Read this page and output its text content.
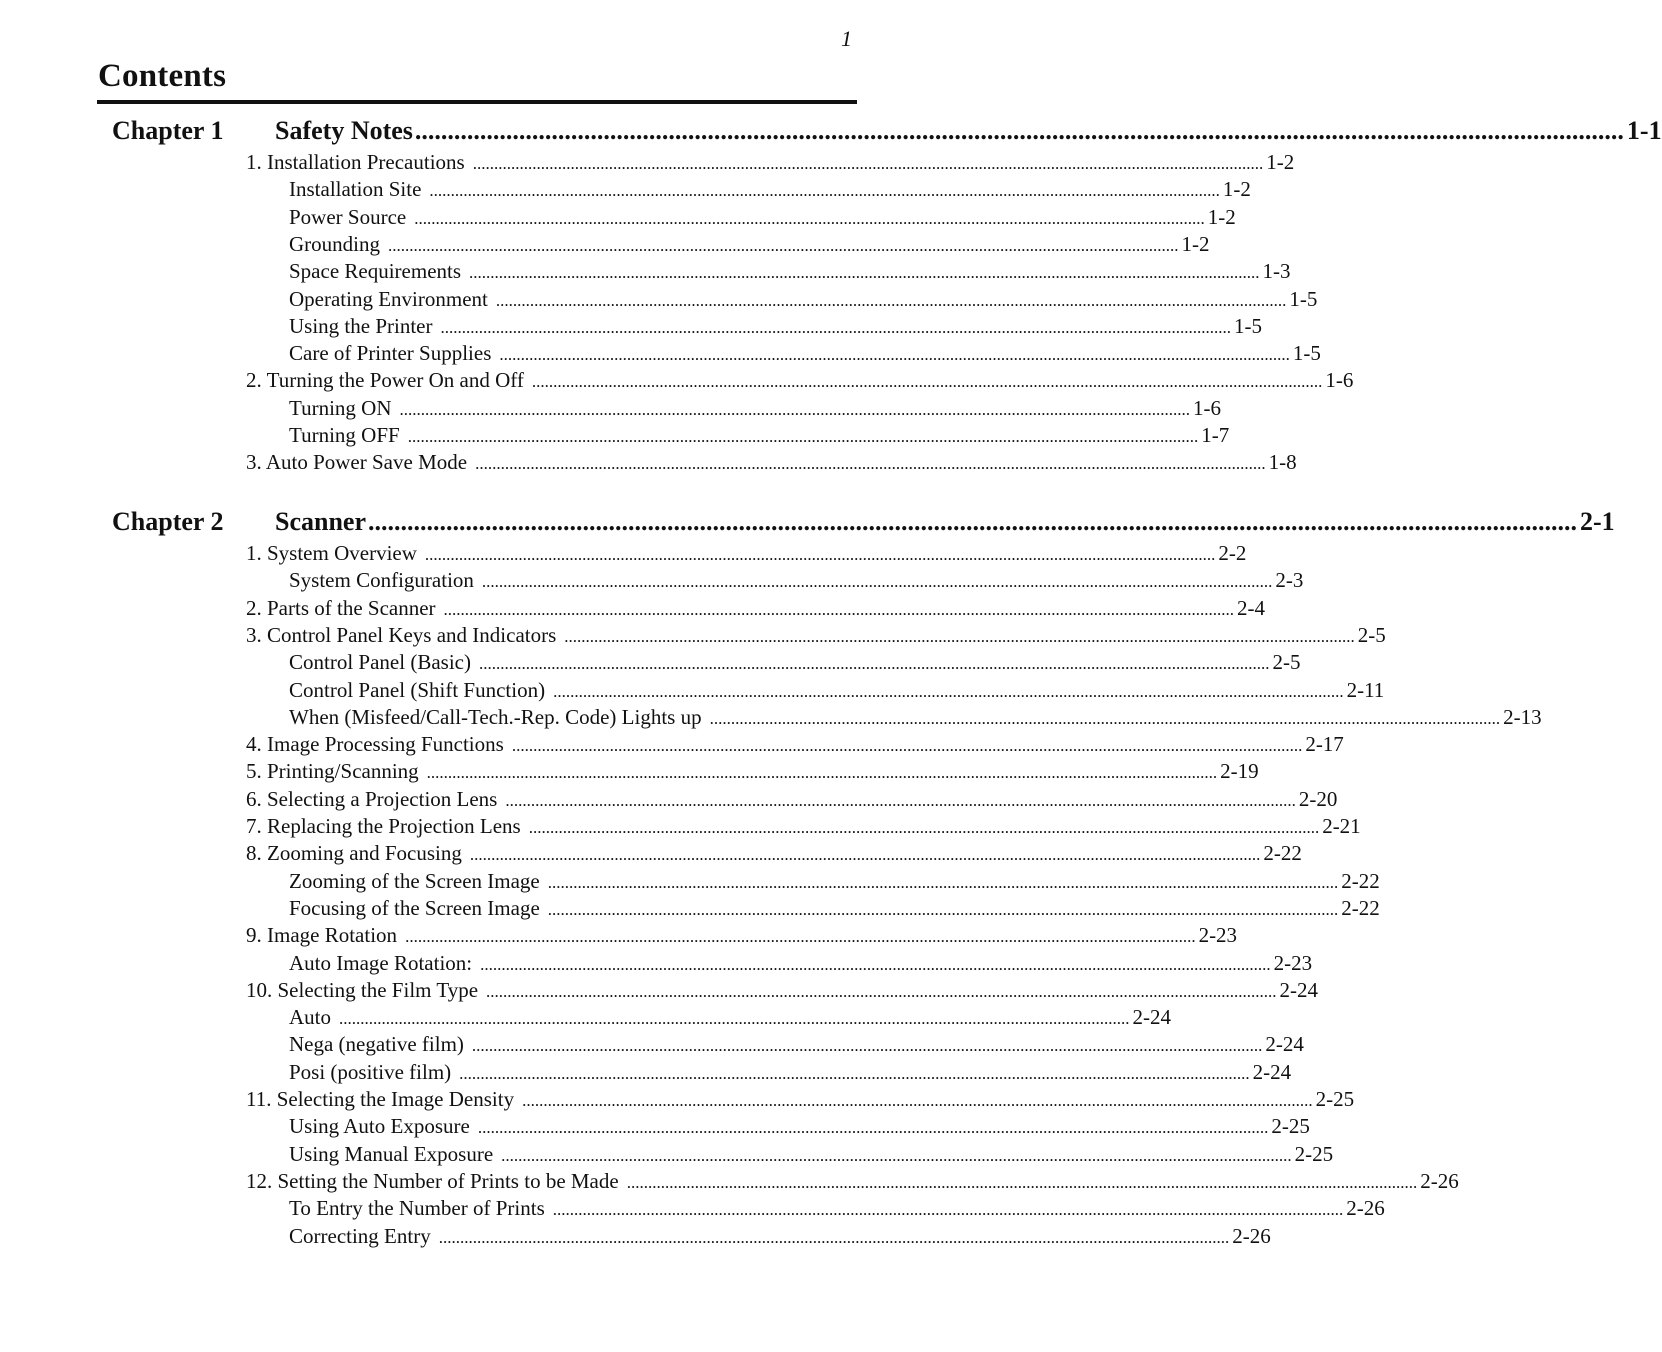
1
Contents
Chapter 1	Safety Notes .......................................................................................................................................................................................... 1-1
1. Installation Precautions .......................................................................................................................................................................................... 1-2
Installation Site .......................................................................................................................................................................................... 1-2
Power Source .......................................................................................................................................................................................... 1-2
Grounding .......................................................................................................................................................................................... 1-2
Space Requirements .......................................................................................................................................................................................... 1-3
Operating Environment .......................................................................................................................................................................................... 1-5
Using the Printer .......................................................................................................................................................................................... 1-5
Care of Printer Supplies .......................................................................................................................................................................................... 1-5
2. Turning the Power On and Off .......................................................................................................................................................................................... 1-6
Turning ON .......................................................................................................................................................................................... 1-6
Turning OFF .......................................................................................................................................................................................... 1-7
3. Auto Power Save Mode .......................................................................................................................................................................................... 1-8
Chapter 2	Scanner .......................................................................................................................................................................................... 2-1
1. System Overview .......................................................................................................................................................................................... 2-2
System Configuration .......................................................................................................................................................................................... 2-3
2. Parts of the Scanner .......................................................................................................................................................................................... 2-4
3. Control Panel Keys and Indicators .......................................................................................................................................................................................... 2-5
Control Panel (Basic) .......................................................................................................................................................................................... 2-5
Control Panel (Shift Function) .......................................................................................................................................................................................... 2-11
When (Misfeed/Call-Tech.-Rep. Code) Lights up .......................................................................................................................................................................................... 2-13
4. Image Processing Functions .......................................................................................................................................................................................... 2-17
5. Printing/Scanning .......................................................................................................................................................................................... 2-19
6. Selecting a Projection Lens .......................................................................................................................................................................................... 2-20
7. Replacing the Projection Lens .......................................................................................................................................................................................... 2-21
8. Zooming and Focusing .......................................................................................................................................................................................... 2-22
Zooming of the Screen Image .......................................................................................................................................................................................... 2-22
Focusing of the Screen Image .......................................................................................................................................................................................... 2-22
9. Image Rotation .......................................................................................................................................................................................... 2-23
Auto Image Rotation: .......................................................................................................................................................................................... 2-23
10. Selecting the Film Type .......................................................................................................................................................................................... 2-24
Auto .......................................................................................................................................................................................... 2-24
Nega (negative film) .......................................................................................................................................................................................... 2-24
Posi (positive film) .......................................................................................................................................................................................... 2-24
11. Selecting the Image Density .......................................................................................................................................................................................... 2-25
Using Auto Exposure .......................................................................................................................................................................................... 2-25
Using Manual Exposure .......................................................................................................................................................................................... 2-25
12. Setting the Number of Prints to be Made .......................................................................................................................................................................................... 2-26
To Entry the Number of Prints .......................................................................................................................................................................................... 2-26
Correcting Entry .......................................................................................................................................................................................... 2-26
